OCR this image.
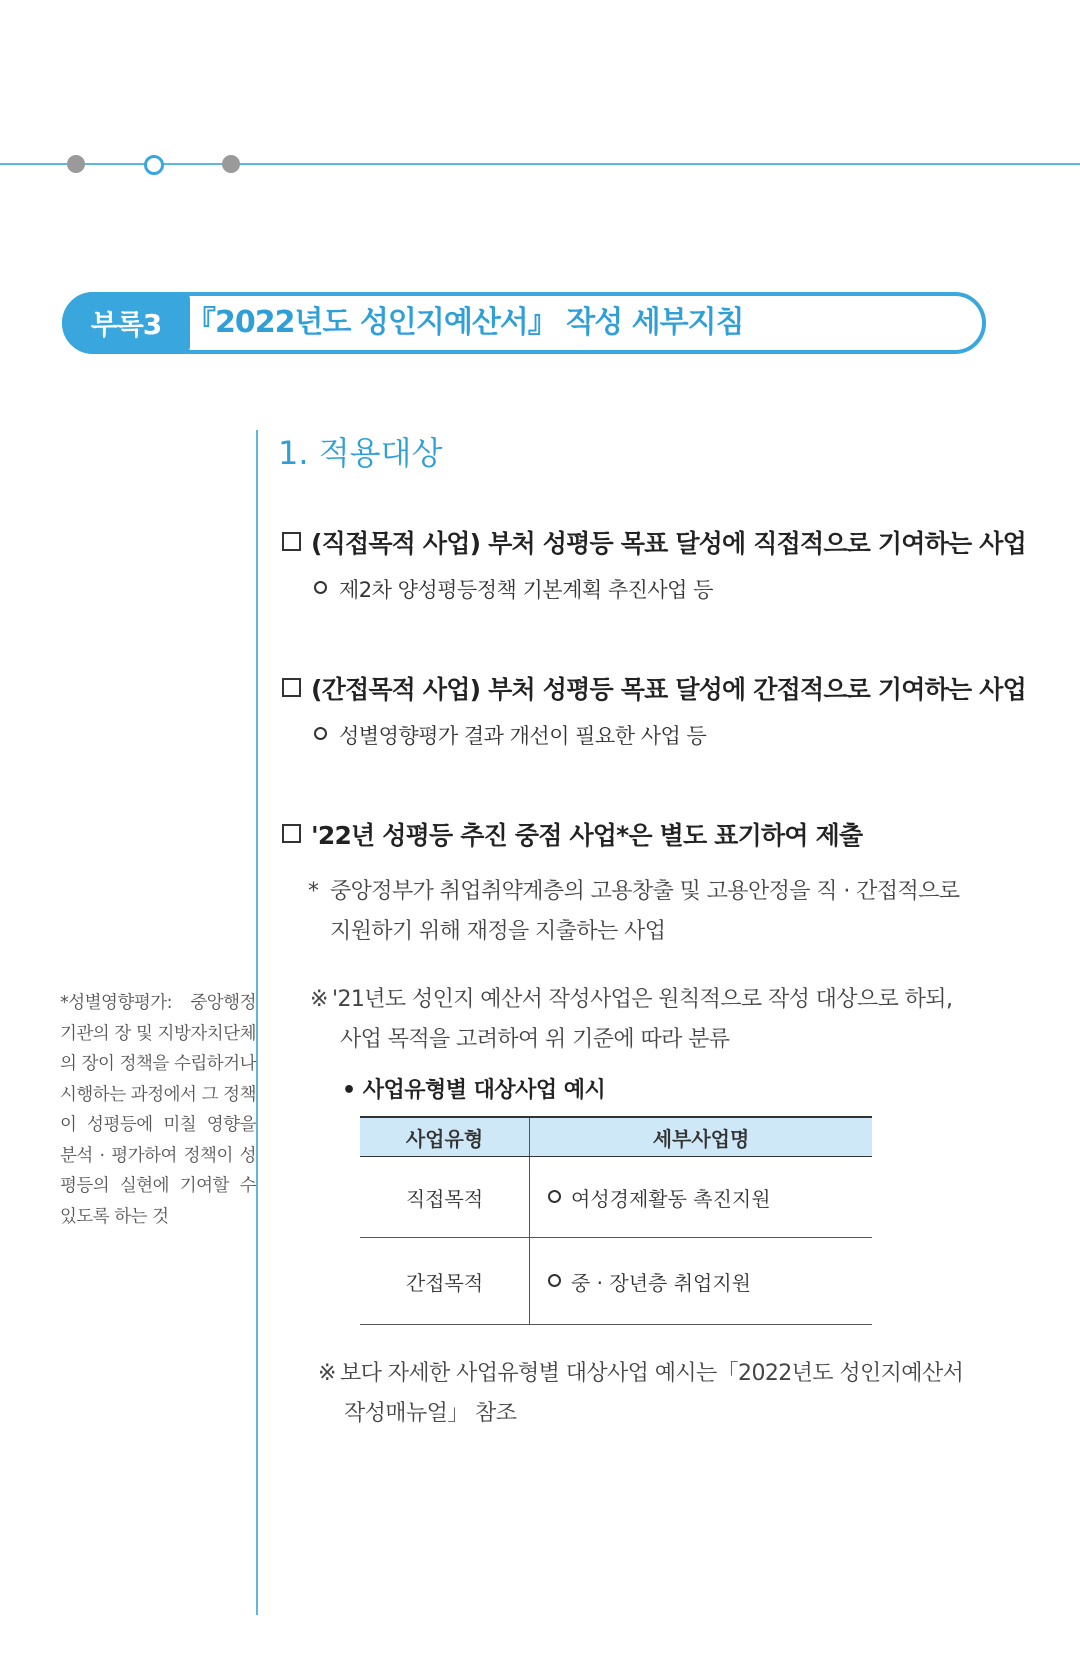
부록3 『2022년도 성인지예산서』 작성 세부지침
1. 적용대상
(직접목적 사업) 부처 성평등 목표 달성에 직접적으로 기여하는 사업
제2차 양성평등정책 기본계획 추진사업 등
(간접목적 사업) 부처 성평등 목표 달성에 간접적으로 기여하는 사업
성별영향평가 결과 개선이 필요한 사업 등
'22년 성평등 추진 중점 사업*은 별도 표기하여 제출
* 중앙정부가 취업취약계층의 고용창출 및 고용안정을 직 · 간접적으로
지원하기 위해 재정을 지출하는 사업
※ '21년도 성인지 예산서 작성사업은 원칙적으로 작성 대상으로 하되,
사업 목적을 고려하여 위 기준에 따라 분류
• 사업유형별 대상사업 예시
사업유형	세부사업명
직접목적	여성경제활동 촉진지원
간접목적	중 · 장년층 취업지원
※ 보다 자세한 사업유형별 대상사업 예시는「2022년도 성인지예산서
작성매뉴얼」 참조
*성별영향평가: 중앙행정기관의 장 및 지방자치단체의 장이 정책을 수립하거나 시행하는 과정에서 그 정책이 성평등에 미칠 영향을 분석 · 평가하여 정책이 성평등의 실현에 기여할 수 있도록 하는 것
